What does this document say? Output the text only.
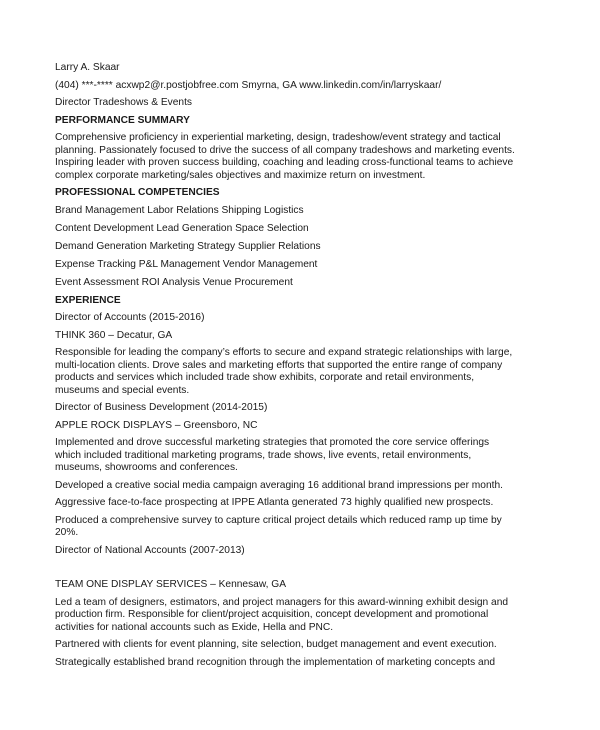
Larry A. Skaar
(404) ***-**** acxwp2@r.postjobfree.com Smyrna, GA www.linkedin.com/in/larryskaar/
Director Tradeshows & Events
PERFORMANCE SUMMARY
Comprehensive proficiency in experiential marketing, design, tradeshow/event strategy and tactical planning. Passionately focused to drive the success of all company tradeshows and marketing events. Inspiring leader with proven success building, coaching and leading cross-functional teams to achieve complex corporate marketing/sales objectives and maximize return on investment.
PROFESSIONAL COMPETENCIES
Brand Management Labor Relations Shipping Logistics
Content Development Lead Generation Space Selection
Demand Generation Marketing Strategy Supplier Relations
Expense Tracking P&L Management Vendor Management
Event Assessment ROI Analysis Venue Procurement
EXPERIENCE
Director of Accounts (2015-2016)
THINK 360 – Decatur, GA
Responsible for leading the company’s efforts to secure and expand strategic relationships with large, multi-location clients. Drove sales and marketing efforts that supported the entire range of company products and services which included trade show exhibits, corporate and retail environments, museums and special events.
Director of Business Development (2014-2015)
APPLE ROCK DISPLAYS – Greensboro, NC
Implemented and drove successful marketing strategies that promoted the core service offerings which included traditional marketing programs, trade shows, live events, retail environments, museums, showrooms and conferences.
Developed a creative social media campaign averaging 16 additional brand impressions per month.
Aggressive face-to-face prospecting at IPPE Atlanta generated 73 highly qualified new prospects.
Produced a comprehensive survey to capture critical project details which reduced ramp up time by 20%.
Director of National Accounts (2007-2013)
TEAM ONE DISPLAY SERVICES – Kennesaw, GA
Led a team of designers, estimators, and project managers for this award-winning exhibit design and production firm. Responsible for client/project acquisition, concept development and promotional activities for national accounts such as Exide, Hella and PNC.
Partnered with clients for event planning, site selection, budget management and event execution.
Strategically established brand recognition through the implementation of marketing concepts and
